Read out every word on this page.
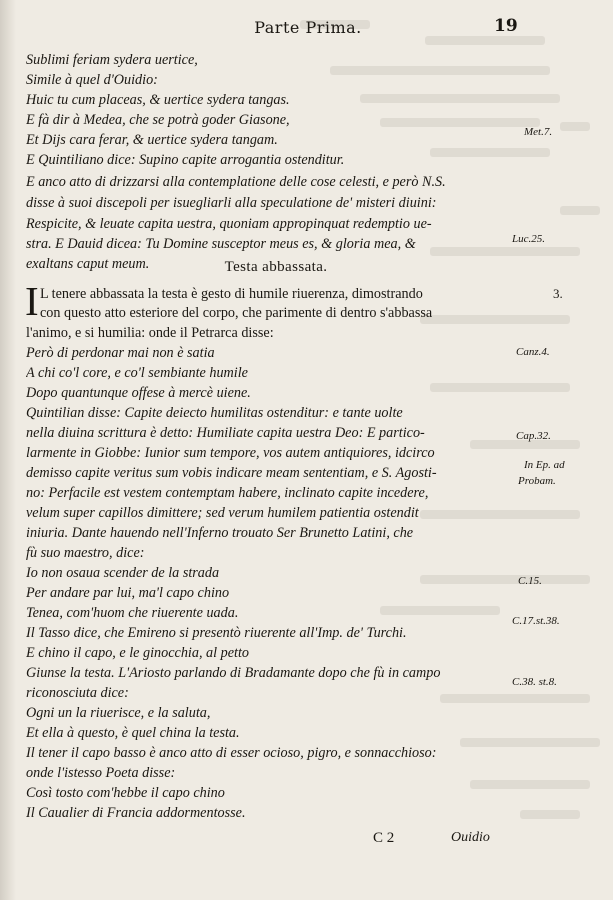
Parte Prima.	19
Sublimi feriam sydera uertice,
Simile à quel d'Ouidio:
Huic tu cum placeas, & uertice sydera tangas.
E fà dir à Medea, che se potrà goder Giasone,
Et Dijs cara ferar, & uertice sydera tangam.
E Quintiliano dice: Supino capite arrogantia ostenditur.
E anco atto di drizzarsi alla contemplatione delle cose celesti, e però N.S.
disse à suoi discepoli per isuegliarli alla speculatione de' misteri diuini:
Respicite, & leuate capita uestra, quoniam appropinquat redemptio ue-
stra. E Dauid dicea: Tu Domine susceptor meus es, & gloria mea, &
exaltans caput meum.
L tenere abbassata la testa è gesto di humile riuerenza, dimostrando
con questo atto esteriore del corpo, che parimente di dentro s'abbassa
l'animo, e si humilia: onde il Petrarca disse:
Però di perdonar mai non è satia
A chi co'l core, e co'l sembiante humile
Dopo quantunque offese à mercè uiene.
Quintilian disse: Capite deiecto humilitas ostenditur: e tante uolte
nella diuina scrittura è detto: Humiliate capita uestra Deo: E partico-
larmente in Giobbe: Iunior sum tempore, vos autem antiquiores, idcirco
demisso capite veritus sum vobis indicare meam sententiam, e S. Agosti-
no: Perfacile est vestem contemptam habere, inclinato capite incedere,
velum super capillos dimittere; sed verum humilem patientia ostendit
iniuria. Dante hauendo nell'Inferno trouato Ser Brunetto Latini, che
fù suo maestro, dice:
Io non osaua scender de la strada
Per andare par lui, ma'l capo chino
Tenea, com'huom che riuerente uada.
Il Tasso dice, che Emireno si presentò riuerente all'Imp. de' Turchi.
E chino il capo, e le ginocchia, al petto
Giunse la testa. L'Ariosto parlando di Bradamante dopo che fù in campo
riconosciuta dice:
Ogni un la riuerisce, e la saluta,
Et ella à questo, è quel china la testa.
Il tener il capo basso è anco atto di esser ocioso, pigro, e sonnacchioso:
onde l'istesso Poeta disse:
Così tosto com'hebbe il capo chino
Il Caualier di Francia addormentosse.
Testa abbassata.
I
Met.7.
Luc.25.
3.
Canz.4.
Cap.32.
In Ep. ad
Probam.
C.15.
C.17.st.38.
C.38. st.8.
C 2	Ouidio
